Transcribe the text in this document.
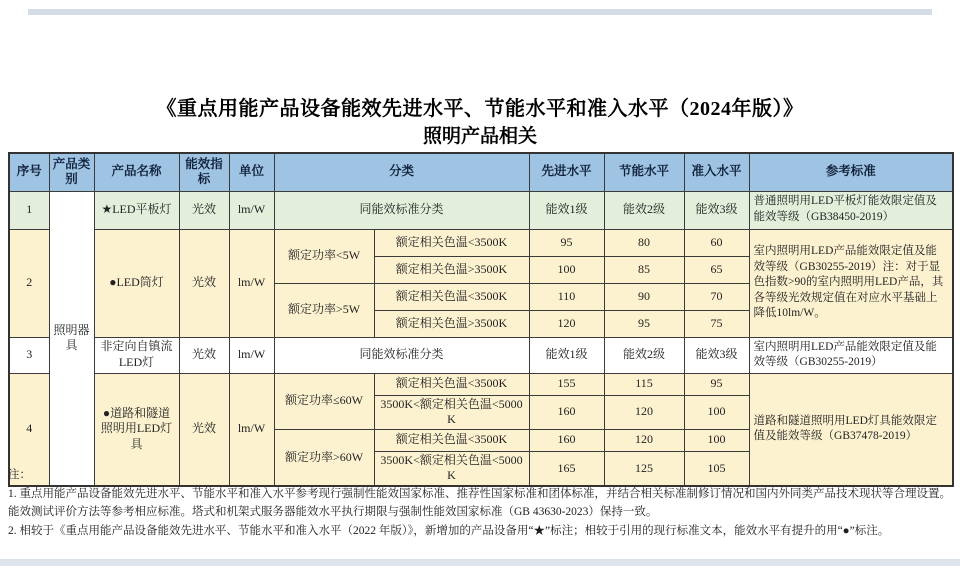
《重点用能产品设备能效先进水平、节能水平和准入水平（2024年版）》
照明产品相关
序号	产品类别	产品名称	能效指标	单位	分类		先进水平	节能水平	准入水平	参考标准
1	照明器具	★LED平板灯	光效	lm/W	同能效标准分类		能效1级	能效2级	能效3级	普通照明用LED平板灯能效限定值及能效等级（GB38450-2019）
2		●LED筒灯	光效	lm/W	额定功率<5W	额定相关色温<3500K	95	80	60	室内照明用LED产品能效限定值及能效等级（GB30255-2019）注：对于显色指数>90的室内照明用LED产品，其各等级光效规定值在对应水平基础上降低10lm/W。
						额定相关色温>3500K	100	85	65	
					额定功率>5W	额定相关色温<3500K	110	90	70	
						额定相关色温>3500K	120	95	75	
3		非定向自镇流LED灯	光效	lm/W	同能效标准分类		能效1级	能效2级	能效3级	室内照明用LED产品能效限定值及能效等级（GB30255-2019）
4		●道路和隧道照明用LED灯具	光效	lm/W	额定功率≤60W	额定相关色温<3500K	155	115	95	道路和隧道照明用LED灯具能效限定值及能效等级（GB37478-2019）
						3500K<额定相关色温<5000K	160	120	100	
					额定功率>60W	额定相关色温<3500K	160	120	100	
						3500K<额定相关色温<5000K	165	125	105	
注：
1. 重点用能产品设备能效先进水平、节能水平和准入水平参考现行强制性能效国家标准、推荐性国家标准和团体标准，并结合相关标准制修订情况和国内外同类产品技术现状等合理设置。能效测试评价方法等参考相应标准。塔式和机架式服务器能效水平执行期限与强制性能效国家标准（GB 43630-2023）保持一致。
2. 相较于《重点用能产品设备能效先进水平、节能水平和准入水平（2022 年版）》，新增加的产品设备用“★”标注；相较于引用的现行标准文本，能效水平有提升的用“●”标注。
